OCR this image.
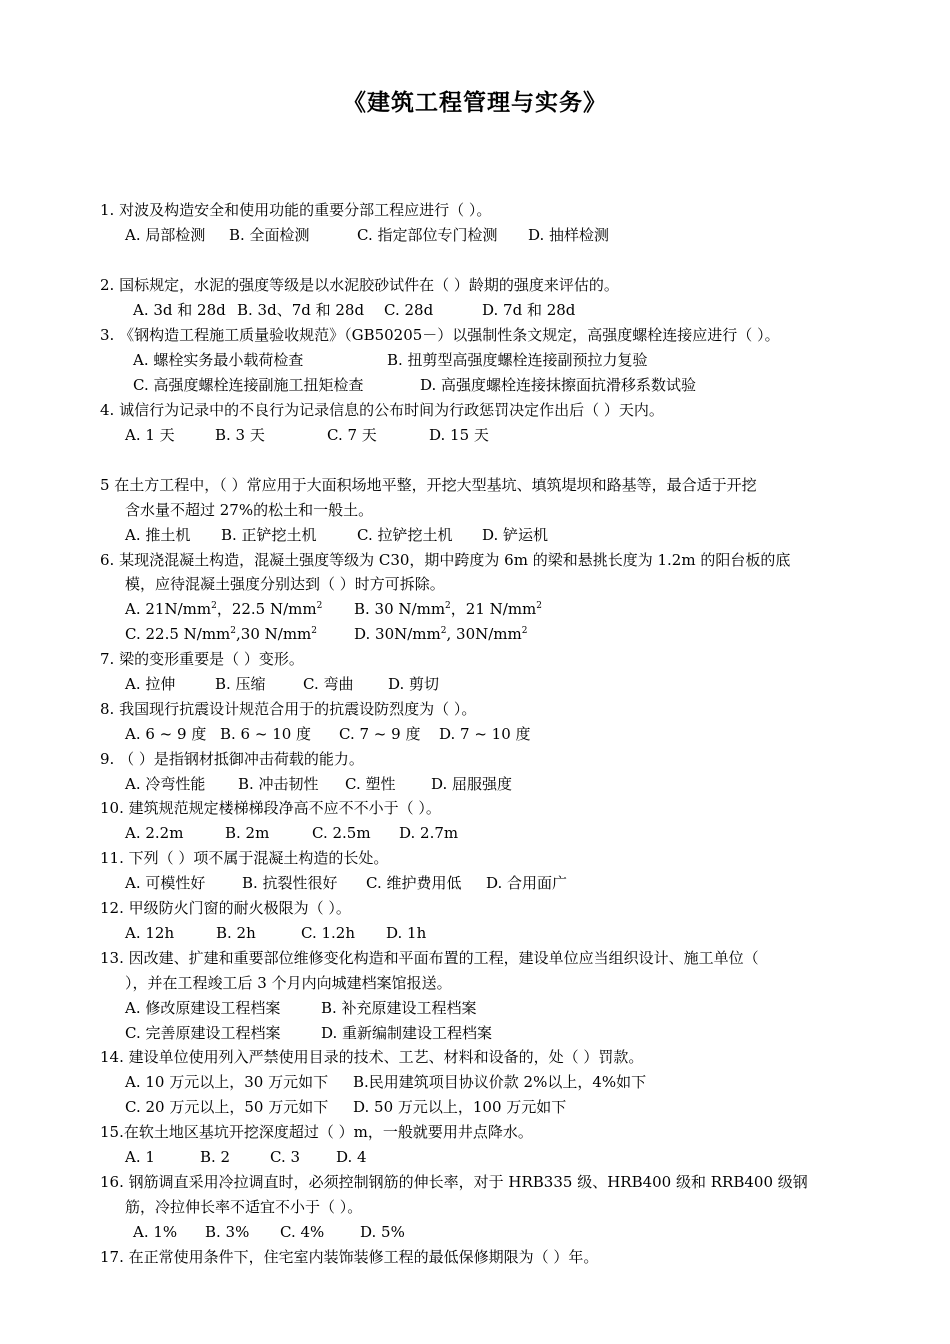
《建筑工程管理与实务》
1. 对波及构造安全和使用功能的重要分部工程应进行（ ）。
A. 局部检测 B. 全面检测	C. 指定部位专门检测 D. 抽样检测
2. 国标规定，水泥的强度等级是以水泥胶砂试件在（ ）龄期的强度来评估的。
A. 3d 和 28d B. 3d、7d 和 28d C. 28d	D. 7d 和 28d
3. 《钢构造工程施工质量验收规范》（GB50205－）以强制性条文规定，高强度螺栓连接应进行（ ）。
A. 螺栓实务最小载荷检查	B. 扭剪型高强度螺栓连接副预拉力复验
C. 高强度螺栓连接副施工扭矩检查	D. 高强度螺栓连接抹擦面抗滑移系数试验
4. 诚信行为记录中的不良行为记录信息的公布时间为行政惩罚决定作出后（ ）天内。
A. 1 天	B. 3 天	C. 7 天	D. 15 天
5 在土方工程中，（ ）常应用于大面积场地平整，开挖大型基坑、填筑堤坝和路基等，最合适于开挖
含水量不超过 27%的松土和一般土。
A. 推土机 B. 正铲挖土机	C. 拉铲挖土机 D. 铲运机
6. 某现浇混凝土构造，混凝土强度等级为 C30，期中跨度为 6m 的梁和悬挑长度为 1.2m 的阳台板的底
模，应待混凝土强度分别达到（ ）时方可拆除。
A. $21N/mm^2$，22.5 $N/mm^2$ B. 30 $N/mm^2$，21 $N/mm^2$
C. 22.5 $N/mm^2,30$ $N/mm^2$ D. $30N/mm^2$, $30N/mm^2$
7. 梁的变形重要是（ ）变形。
A. 拉伸	B. 压缩 C. 弯曲 D. 剪切
8. 我国现行抗震设计规范合用于的抗震设防烈度为（ ）。
A. 6 ~ 9 度 B. 6 ~ 10 度 C. 7 ~ 9 度 D. 7 ~ 10 度
9. （ ）是指钢材抵御冲击荷载的能力。
A. 冷弯性能 B. 冲击韧性 C. 塑性 D. 屈服强度
10. 建筑规范规定楼梯梯段净高不应不不小于（ ）。
A. 2.2m	B. 2m	C. 2.5m D. 2.7m
11. 下列（ ）项不属于混凝土构造的长处。
A. 可模性好 B. 抗裂性很好 C. 维护费用低 D. 合用面广
12. 甲级防火门窗的耐火极限为（ ）。
A. 12h	B. 2h	C. 1.2h D. 1h
13. 因改建、扩建和重要部位维修变化构造和平面布置的工程，建设单位应当组织设计、施工单位（
），并在工程竣工后 3 个月内向城建档案馆报送。
A. 修改原建设工程档案	B. 补充原建设工程档案
C. 完善原建设工程档案	D. 重新编制建设工程档案
14. 建设单位使用列入严禁使用目录的技术、工艺、材料和设备的，处（ ）罚款。
A. 10 万元以上，30 万元如下 B.民用建筑项目协议价款 2%以上，4%如下
C. 20 万元以上，50 万元如下 D. 50 万元以上，100 万元如下
15.在软土地区基坑开挖深度超过（ ）m，一般就要用井点降水。
A. 1	B. 2	C. 3 D. 4
16. 钢筋调直采用冷拉调直时，必须控制钢筋的伸长率，对于 HRB335 级、HRB400 级和 RRB400 级钢
筋，冷拉伸长率不适宜不小于（ ）。
A. 1% B. 3% C. 4% D. 5%
17. 在正常使用条件下，住宅室内装饰装修工程的最低保修期限为（ ）年。
